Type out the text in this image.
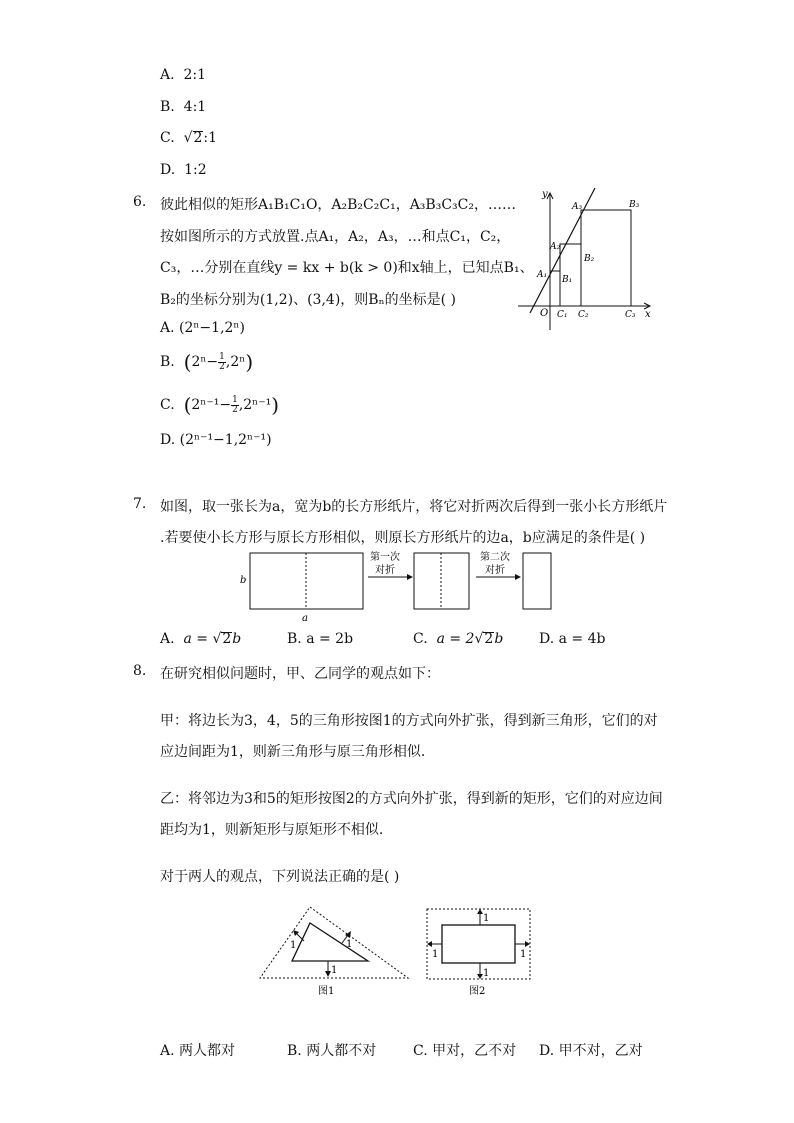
A. 2:1
B. 4:1
C.  √2:1
D. 1:2
6. 彼此相似的矩形A₁B₁C₁O，A₂B₂C₂C₁，A₃B₃C₃C₂，……
按如图所示的方式放置.点A₁，A₂，A₃，…和点C₁，C₂，
C₃，…分别在直线y = kx + b(k > 0)和x轴上，已知点B₁、
B₂的坐标分别为(1,2)、(3,4)，则Bₙ的坐标是( )
A. (2ⁿ−1,2ⁿ)
B. $(2^n- \frac{1}{2} ,2^n)$
C. $(2^{n-1}- \frac{1}{2} ,2^{n-1})$
D. (2ⁿ⁻¹−1,2ⁿ⁻¹)
y
x
O
A₁
A₂
A₃
B₁
B₂
B₃
C₁ C₂	C₃
7. 如图，取一张长为a，宽为b的长方形纸片，将它对折两次后得到一张小长方形纸片
.若要使小长方形与原长方形相似，则原长方形纸片的边a，b应满足的条件是( )
b
a
第一次
对折
第二次
对折
A. a = √2b	B. a = 2b	C. a = 2√2b	D. a = 4b
8. 在研究相似问题时，甲、乙同学的观点如下：
甲：将边长为3，4，5的三角形按图1的方式向外扩张，得到新三角形，它们的对
应边间距为1，则新三角形与原三角形相似.
乙：将邻边为3和5的矩形按图2的方式向外扩张，得到新的矩形，它们的对应边间
距均为1，则新矩形与原矩形不相似.
对于两人的观点，下列说法正确的是( )
1	1
1
图1
1
1
1	1
图2
A. 两人都对	B. 两人都不对	C. 甲对，乙不对 D. 甲不对，乙对
